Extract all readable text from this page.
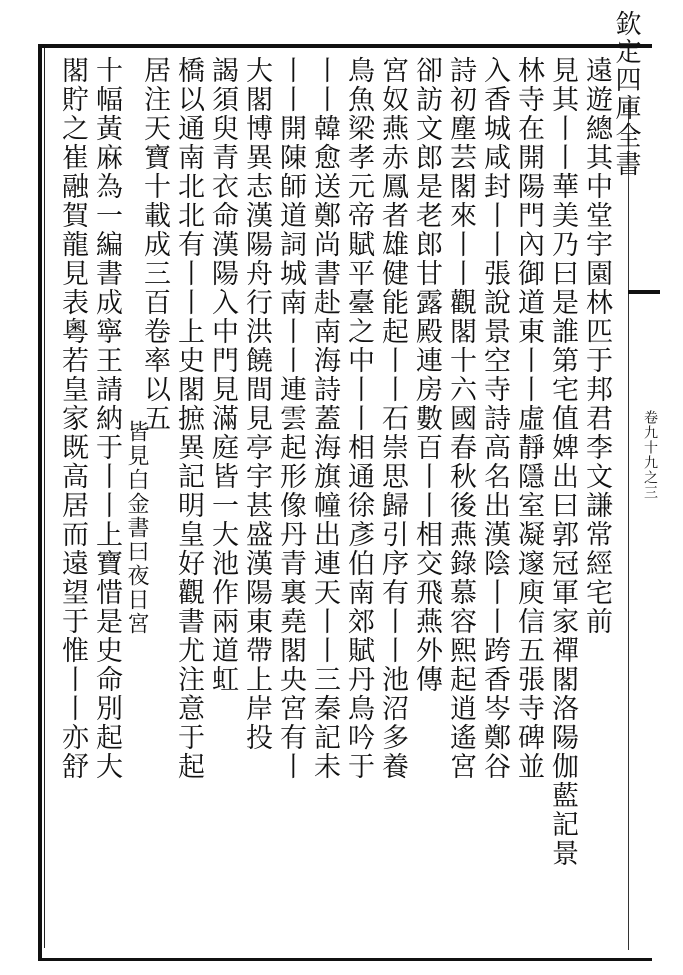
欽定四庫全書
卷九十九之三
遠遊總其中堂宇園林匹于邦君李文謙常經宅前
見其丨丨華美乃曰是誰第宅值婢出曰郭冠軍家禪閣洛陽伽藍記景
林寺在開陽門內御道東丨丨虛靜隱室凝邃庾信五張寺碑並
入香城咸封丨丨張說景空寺詩高名出漢陰丨丨跨香岑鄭谷
詩初塵芸閣來丨丨觀閣十六國春秋後燕錄慕容熙起逍遙宮
卻訪文郎是老郎甘露殿連房數百丨丨相交飛燕外傳
宮奴燕赤鳳者雄健能起丨丨石崇思歸引序有丨丨池沼多養
鳥魚梁孝元帝賦平臺之中丨丨相通徐彥伯南郊賦丹鳥吟于
丨丨韓愈送鄭尚書赴南海詩蓋海旗幢出連天丨丨三秦記未
丨丨開陳師道詞城南丨丨連雲起形像丹青裏堯閣央宮有丨
大閣博異志漢陽舟行洪饒間見亭宇甚盛漢陽東帶上岸投
謁須臾青衣命漢陽入中門見滿庭皆一大池作兩道虹
橋以通南北北有丨丨上史閣摭異記明皇好觀書尤注意于起
居注天寶十載成三百卷率以五
皆見白金書曰夜日宮
十幅黃麻為一編書成寧王請納于丨丨上寶惜是史命別起大
閣貯之崔融賀龍見表粵若皇家既高居而遠望于惟丨丨亦舒
